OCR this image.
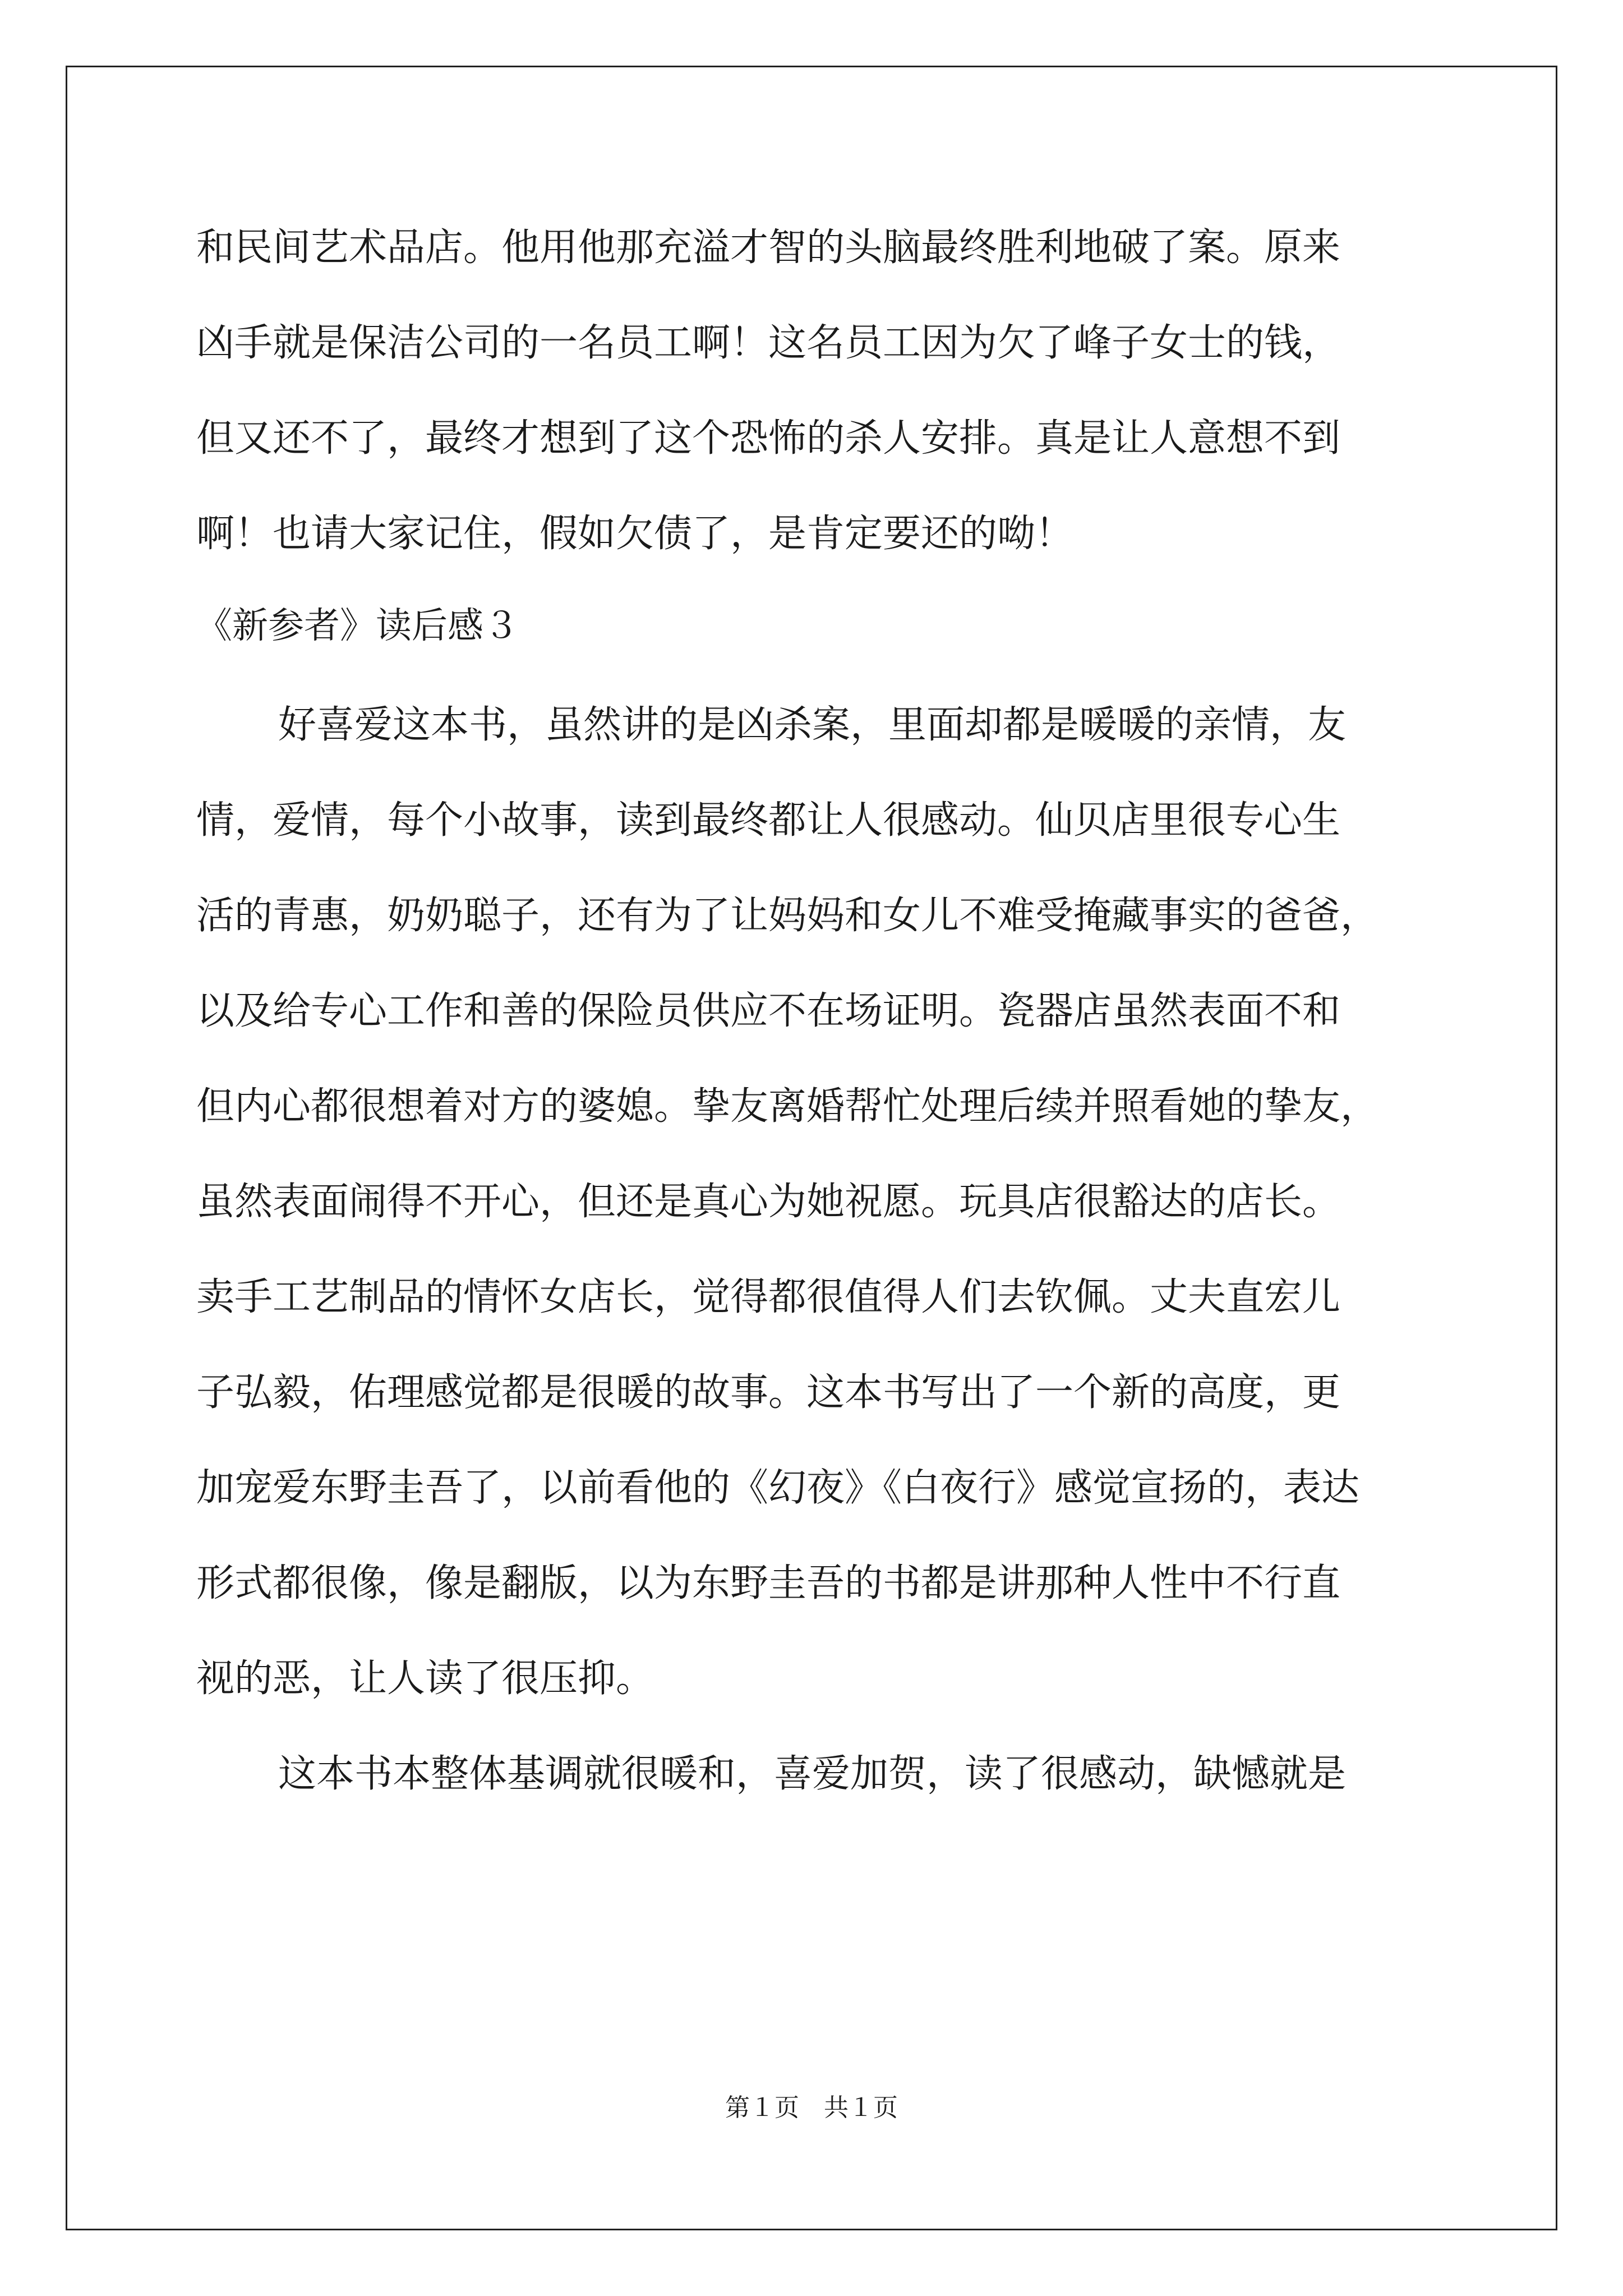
和民间艺术品店。他用他那充溢才智的头脑最终胜利地破了案。原来
凶手就是保洁公司的一名员工啊！这名员工因为欠了峰子女士的钱，
但又还不了，最终才想到了这个恐怖的杀人安排。真是让人意想不到
啊！也请大家记住，假如欠债了，是肯定要还的呦！
《新参者》读后感３
好喜爱这本书，虽然讲的是凶杀案，里面却都是暖暖的亲情，友
情，爱情，每个小故事，读到最终都让人很感动。仙贝店里很专心生
活的青惠，奶奶聪子，还有为了让妈妈和女儿不难受掩藏事实的爸爸，
以及给专心工作和善的保险员供应不在场证明。瓷器店虽然表面不和
但内心都很想着对方的婆媳。挚友离婚帮忙处理后续并照看她的挚友，
虽然表面闹得不开心，但还是真心为她祝愿。玩具店很豁达的店长。
卖手工艺制品的情怀女店长，觉得都很值得人们去钦佩。丈夫直宏儿
子弘毅，佑理感觉都是很暖的故事。这本书写出了一个新的高度，更
加宠爱东野圭吾了，以前看他的《幻夜》《白夜行》感觉宣扬的，表达
形式都很像，像是翻版，以为东野圭吾的书都是讲那种人性中不行直
视的恶，让人读了很压抑。
这本书本整体基调就很暖和，喜爱加贺，读了很感动，缺憾就是
第１页　共１页
